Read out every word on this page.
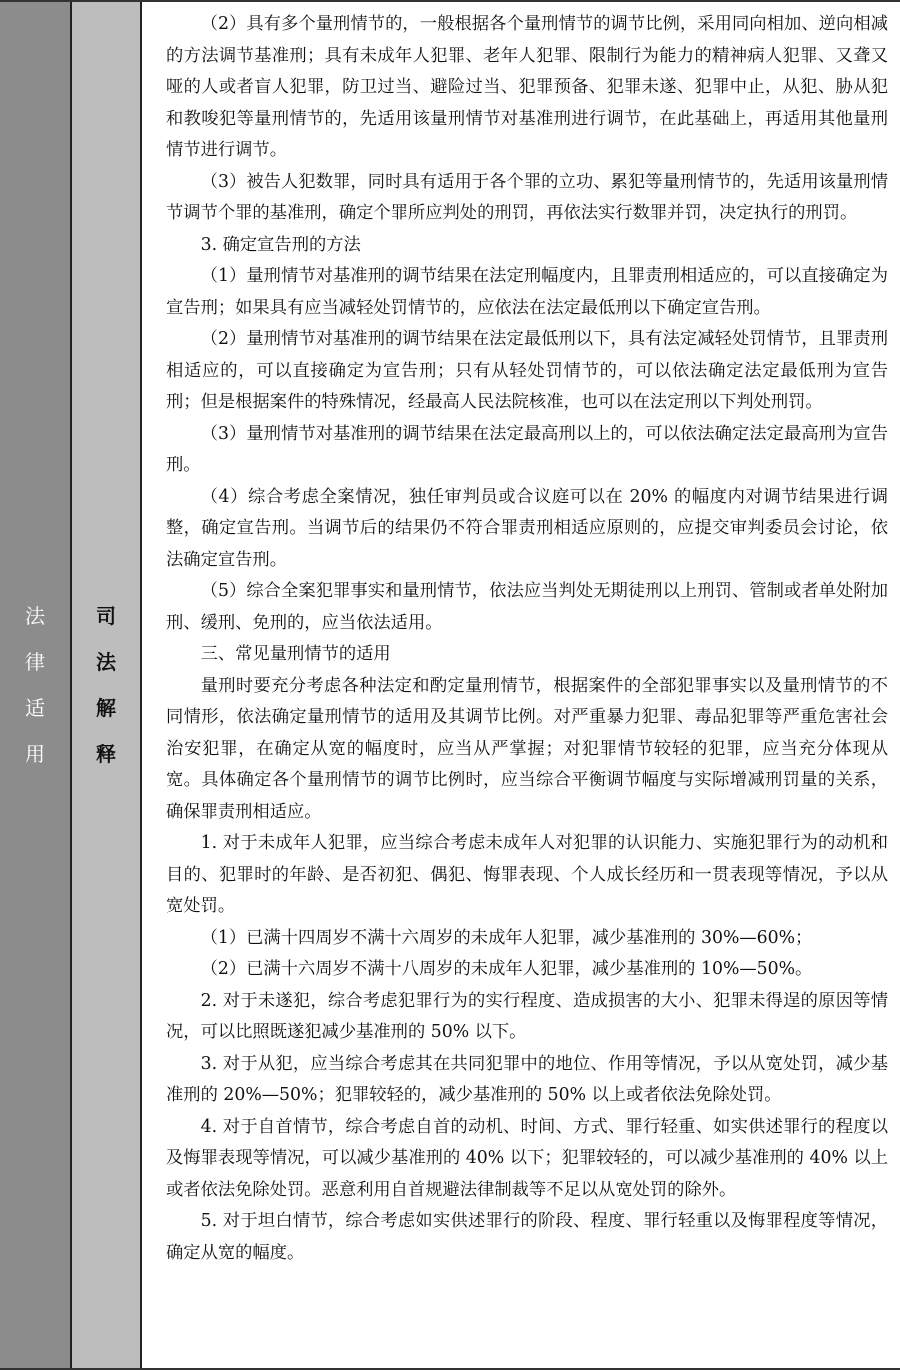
法
律
适
用
司
法
解
释

（2）具有多个量刑情节的，一般根据各个量刑情节的调节比例，采用同向相加、逆向相减的方法调节基准刑；具有未成年人犯罪、老年人犯罪、限制行为能力的精神病人犯罪、又聋又哑的人或者盲人犯罪，防卫过当、避险过当、犯罪预备、犯罪未遂、犯罪中止，从犯、胁从犯和教唆犯等量刑情节的，先适用该量刑情节对基准刑进行调节，在此基础上，再适用其他量刑情节进行调节。

（3）被告人犯数罪，同时具有适用于各个罪的立功、累犯等量刑情节的，先适用该量刑情节调节个罪的基准刑，确定个罪所应判处的刑罚，再依法实行数罪并罚，决定执行的刑罚。

3. 确定宣告刑的方法

（1）量刑情节对基准刑的调节结果在法定刑幅度内，且罪责刑相适应的，可以直接确定为宣告刑；如果具有应当减轻处罚情节的，应依法在法定最低刑以下确定宣告刑。

（2）量刑情节对基准刑的调节结果在法定最低刑以下，具有法定减轻处罚情节，且罪责刑相适应的，可以直接确定为宣告刑；只有从轻处罚情节的，可以依法确定法定最低刑为宣告刑；但是根据案件的特殊情况，经最高人民法院核准，也可以在法定刑以下判处刑罚。

（3）量刑情节对基准刑的调节结果在法定最高刑以上的，可以依法确定法定最高刑为宣告刑。

（4）综合考虑全案情况，独任审判员或合议庭可以在 20% 的幅度内对调节结果进行调整，确定宣告刑。当调节后的结果仍不符合罪责刑相适应原则的，应提交审判委员会讨论，依法确定宣告刑。

（5）综合全案犯罪事实和量刑情节，依法应当判处无期徒刑以上刑罚、管制或者单处附加刑、缓刑、免刑的，应当依法适用。

三、常见量刑情节的适用

量刑时要充分考虑各种法定和酌定量刑情节，根据案件的全部犯罪事实以及量刑情节的不同情形，依法确定量刑情节的适用及其调节比例。对严重暴力犯罪、毒品犯罪等严重危害社会治安犯罪，在确定从宽的幅度时，应当从严掌握；对犯罪情节较轻的犯罪，应当充分体现从宽。具体确定各个量刑情节的调节比例时，应当综合平衡调节幅度与实际增减刑罚量的关系，确保罪责刑相适应。

1. 对于未成年人犯罪，应当综合考虑未成年人对犯罪的认识能力、实施犯罪行为的动机和目的、犯罪时的年龄、是否初犯、偶犯、悔罪表现、个人成长经历和一贯表现等情况，予以从宽处罚。

（1）已满十四周岁不满十六周岁的未成年人犯罪，减少基准刑的 30%—60%；

（2）已满十六周岁不满十八周岁的未成年人犯罪，减少基准刑的 10%—50%。

2. 对于未遂犯，综合考虑犯罪行为的实行程度、造成损害的大小、犯罪未得逞的原因等情况，可以比照既遂犯减少基准刑的 50% 以下。

3. 对于从犯，应当综合考虑其在共同犯罪中的地位、作用等情况，予以从宽处罚，减少基准刑的 20%—50%；犯罪较轻的，减少基准刑的 50% 以上或者依法免除处罚。

4. 对于自首情节，综合考虑自首的动机、时间、方式、罪行轻重、如实供述罪行的程度以及悔罪表现等情况，可以减少基准刑的 40% 以下；犯罪较轻的，可以减少基准刑的 40% 以上或者依法免除处罚。恶意利用自首规避法律制裁等不足以从宽处罚的除外。

5. 对于坦白情节，综合考虑如实供述罪行的阶段、程度、罪行轻重以及悔罪程度等情况，确定从宽的幅度。
